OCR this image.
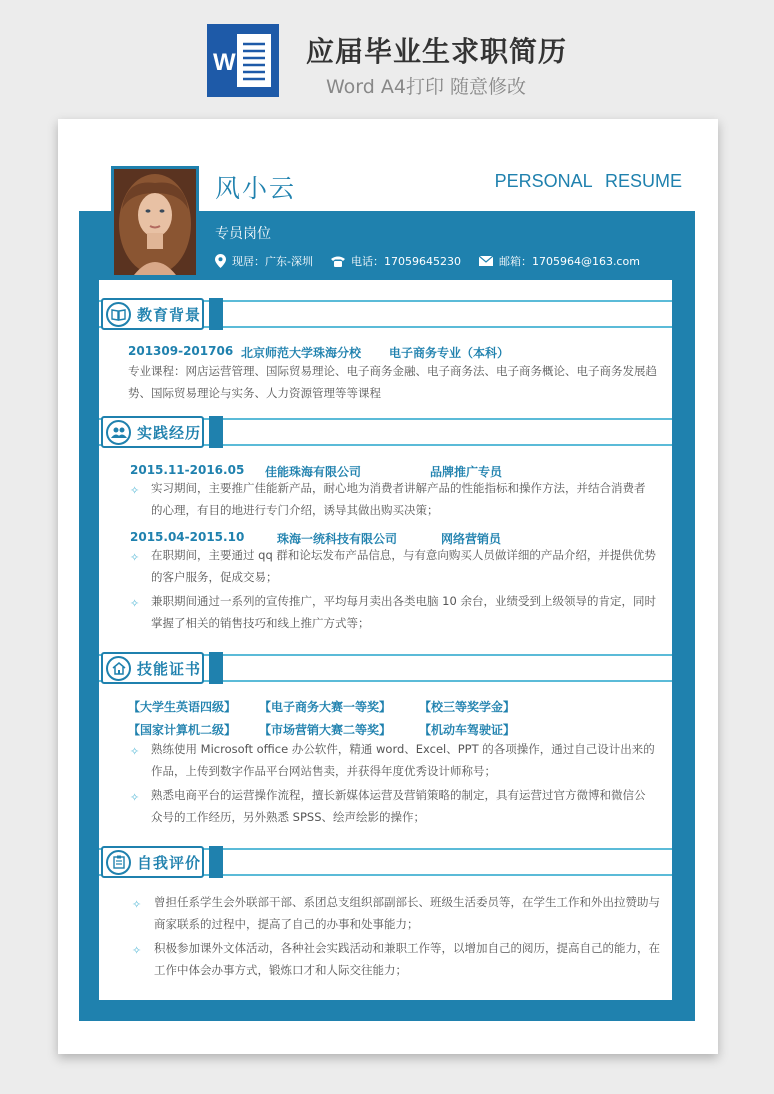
W	应届毕业生求职简历
Word A4打印 随意修改
教育背景
201309-201706 北京师范大学珠海分校 电子商务专业（本科）
专业课程：网店运营管理、国际贸易理论、电子商务金融、电子商务法、电子商务概论、电子商务发展趋
势、国际贸易理论与实务、人力资源管理等等课程
实践经历
2015.11-2016.05 佳能珠海有限公司	品牌推广专员
✧ 实习期间，主要推广佳能新产品，耐心地为消费者讲解产品的性能指标和操作方法，并结合消费者
的心理，有目的地进行专门介绍，诱导其做出购买决策；
2015.04-2015.10	珠海一统科技有限公司	网络营销员
✧ 在职期间，主要通过 qq 群和论坛发布产品信息，与有意向购买人员做详细的产品介绍，并提供优势
的客户服务，促成交易；
✧ 兼职期间通过一系列的宣传推广，平均每月卖出各类电脑 10 余台，业绩受到上级领导的肯定，同时
掌握了相关的销售技巧和线上推广方式等；
技能证书
【大学生英语四级】 【电子商务大赛一等奖】 【校三等奖学金】
【国家计算机二级】 【市场营销大赛二等奖】 【机动车驾驶证】
✧ 熟练使用 Microsoft office 办公软件，精通 word、Excel、PPT 的各项操作，通过自己设计出来的
作品，上传到数字作品平台网站售卖，并获得年度优秀设计师称号；
✧ 熟悉电商平台的运营操作流程，擅长新媒体运营及营销策略的制定，具有运营过官方微博和微信公
众号的工作经历，另外熟悉 SPSS、绘声绘影的操作；
自我评价
✧ 曾担任系学生会外联部干部、系团总支组织部副部长、班级生活委员等，在学生工作和外出拉赞助与
商家联系的过程中，提高了自己的办事和处事能力；
✧ 积极参加课外文体活动，各种社会实践活动和兼职工作等，以增加自己的阅历，提高自己的能力，在
工作中体会办事方式，锻炼口才和人际交往能力；
专员岗位
现居：广东-深圳	电话：17059645230	邮箱：1705964@163.com
风小云	PERSONAL RESUME
